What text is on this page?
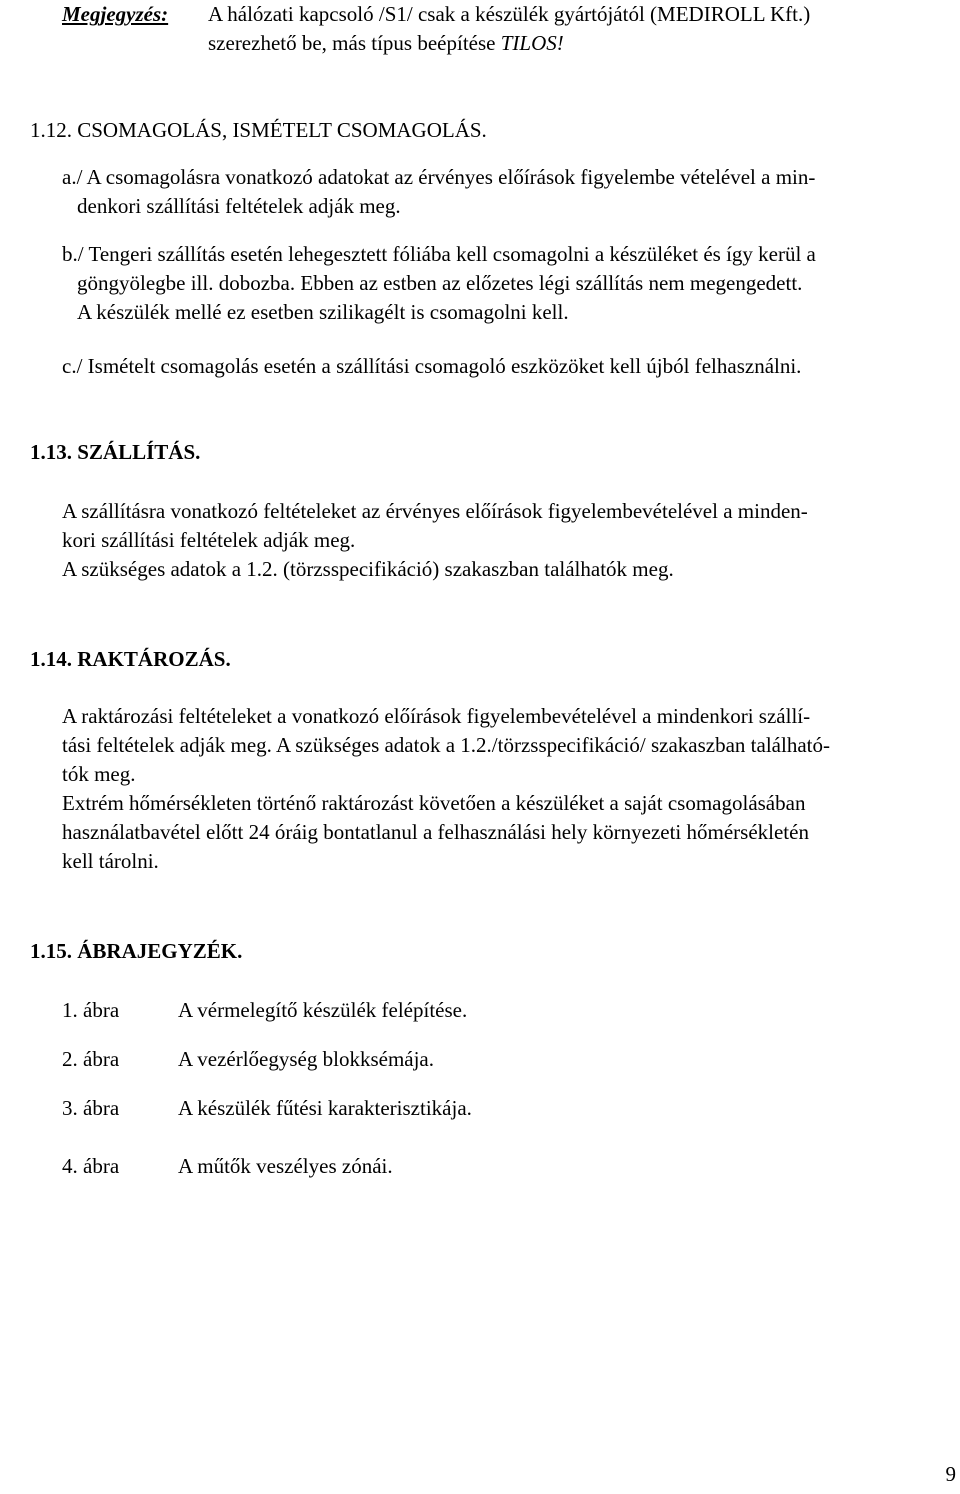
Megjegyzés: A hálózati kapcsoló /S1/ csak a készülék gyártójától (MEDIROLL Kft.)
szerezhető be, más típus beépítése TILOS!
1.12. CSOMAGOLÁS, ISMÉTELT CSOMAGOLÁS.
a./ A csomagolásra vonatkozó adatokat az érvényes előírások figyelembe vételével a min-
denkori szállítási feltételek adják meg.
b./ Tengeri szállítás esetén lehegesztett fóliába kell csomagolni a készüléket és így kerül a
göngyölegbe ill. dobozba. Ebben az estben az előzetes légi szállítás nem megengedett.
A készülék mellé ez esetben szilikagélt is csomagolni kell.
c./ Ismételt csomagolás esetén a szállítási csomagoló eszközöket kell újból felhasználni.
1.13. SZÁLLÍTÁS.
A szállításra vonatkozó feltételeket az érvényes előírások figyelembevételével a minden-
kori szállítási feltételek adják meg.
A szükséges adatok a 1.2. (törzsspecifikáció) szakaszban találhatók meg.
1.14. RAKTÁROZÁS.
A raktározási feltételeket a vonatkozó előírások figyelembevételével a mindenkori szállí-
tási feltételek adják meg. A szükséges adatok a 1.2./törzsspecifikáció/ szakaszban található-
tók meg.
Extrém hőmérsékleten történő raktározást követően a készüléket a saját csomagolásában
használatbavétel előtt 24 óráig bontatlanul a felhasználási hely környezeti hőmérsékletén
kell tárolni.
1.15. ÁBRAJEGYZÉK.
1. ábra	A vérmelegítő készülék felépítése.
2. ábra	A vezérlőegység blokksémája.
3. ábra	A készülék fűtési karakterisztikája.
4. ábra	A műtők veszélyes zónái.
9
